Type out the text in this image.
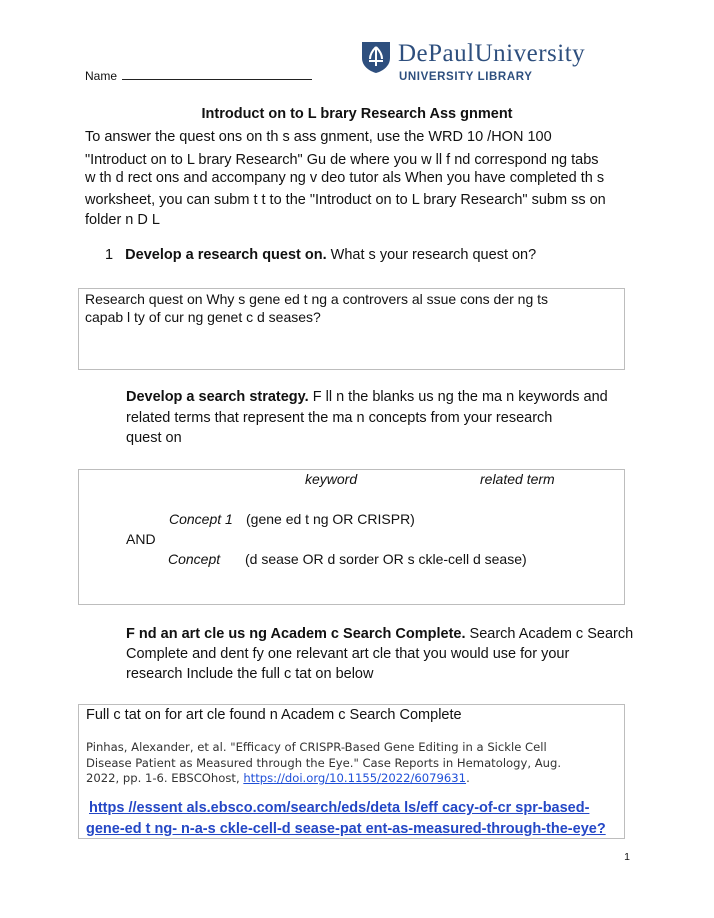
Name
DePaulUniversity
UNIVERSITY LIBRARY
Introduct on to L brary Research Ass gnment
To answer the quest ons on th s ass gnment, use the WRD 10 /HON 100
"Introduct on to L brary Research" Gu de where you w ll f nd correspond ng tabs
w th d rect ons and accompany ng v deo tutor als When you have completed th s
worksheet, you can subm t t to the "Introduct on to L brary Research" subm ss on
folder n D L
1 Develop a research quest on. What s your research quest on?
Research quest on Why s gene ed t ng a controvers al ssue cons der ng ts
capab l ty of cur ng genet c d seases?
Develop a search strategy. F ll n the blanks us ng the ma n keywords and
related terms that represent the ma n concepts from your research
quest on
keyword	related term
Concept 1 (gene ed t ng OR CRISPR)
AND
Concept (d sease OR d sorder OR s ckle-cell d sease)
F nd an art cle us ng Academ c Search Complete. Search Academ c Search
Complete and dent fy one relevant art cle that you would use for your
research Include the full c tat on below
Full c tat on for art cle found n Academ c Search Complete
Pinhas, Alexander, et al. "Efficacy of CRISPR-Based Gene Editing in a Sickle Cell
Disease Patient as Measured through the Eye." Case Reports in Hematology, Aug.
2022, pp. 1-6. EBSCOhost, https://doi.org/10.1155/2022/6079631.
https //essent als.ebsco.com/search/eds/deta ls/eff cacy-of-cr spr-based-
gene-ed t ng- n-a-s ckle-cell-d sease-pat ent-as-measured-through-the-eye?
1
